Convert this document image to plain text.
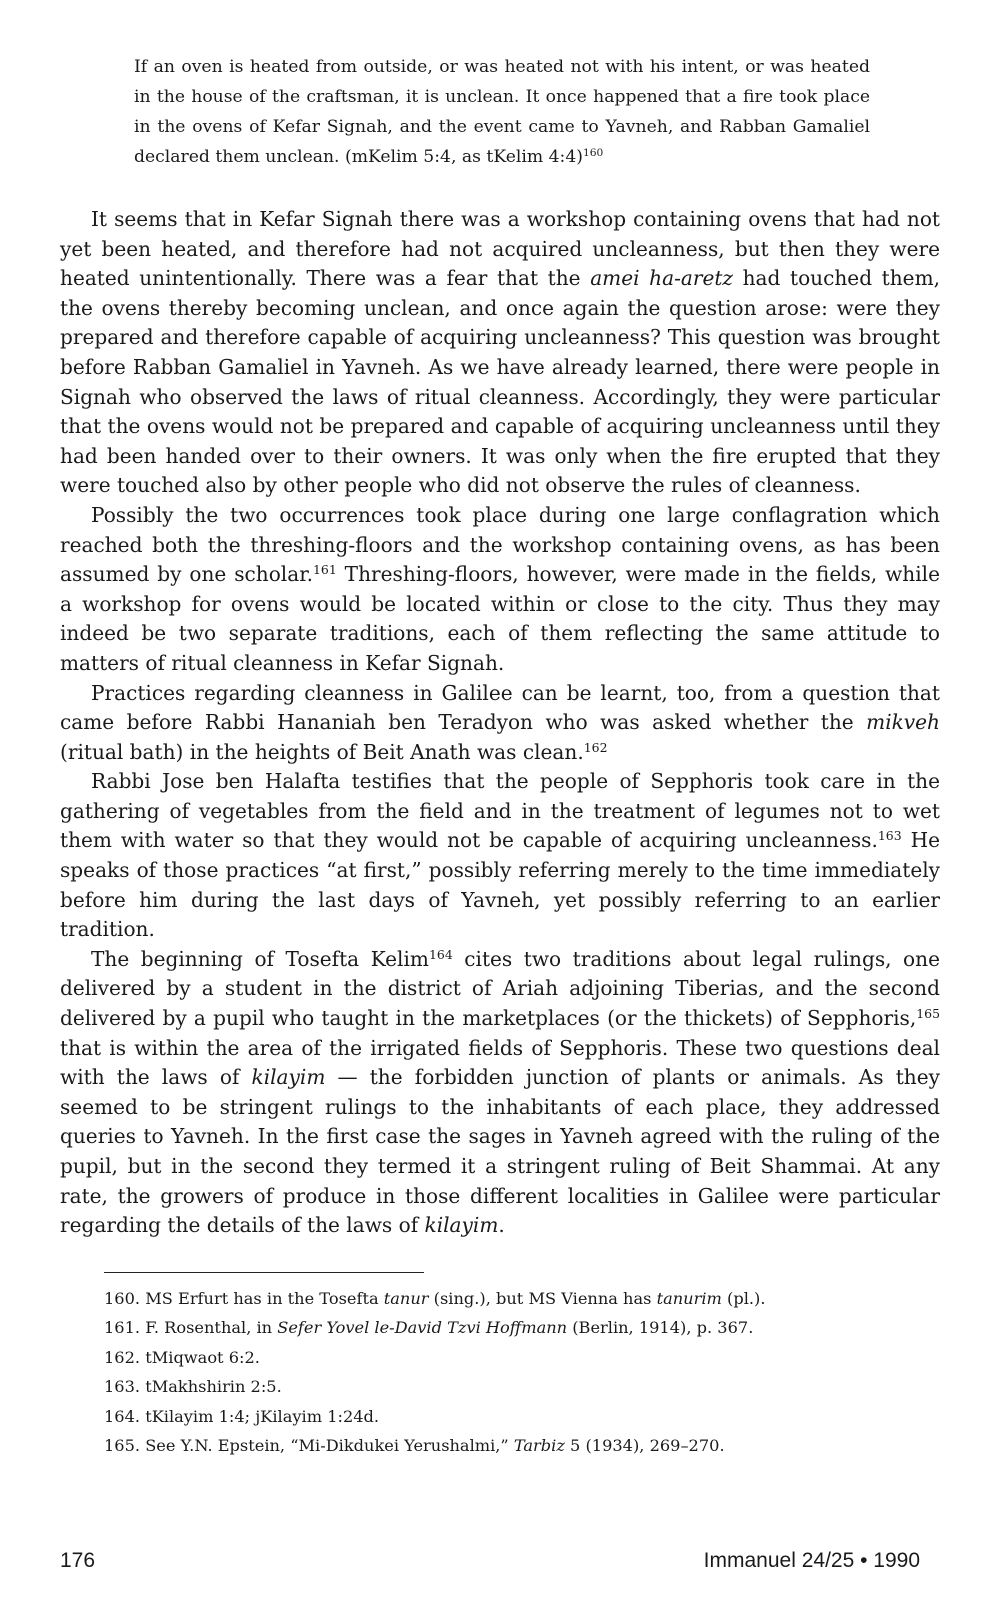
If an oven is heated from outside, or was heated not with his intent, or was heated in the house of the craftsman, it is unclean. It once happened that a fire took place in the ovens of Kefar Signah, and the event came to Yavneh, and Rabban Gamaliel declared them unclean. (mKelim 5:4, as tKelim 4:4)$^{160}$

It seems that in Kefar Signah there was a workshop containing ovens that had not yet been heated, and therefore had not acquired uncleanness, but then they were heated unintentionally. There was a fear that the amei ha-aretz had touched them, the ovens thereby becoming unclean, and once again the question arose: were they prepared and therefore capable of acquiring uncleanness? This question was brought before Rabban Gamaliel in Yavneh. As we have already learned, there were people in Signah who observed the laws of ritual cleanness. Accordingly, they were particular that the ovens would not be prepared and capable of acquiring uncleanness until they had been handed over to their owners. It was only when the fire erupted that they were touched also by other people who did not observe the rules of cleanness.

Possibly the two occurrences took place during one large conflagration which reached both the threshing-floors and the workshop containing ovens, as has been assumed by one scholar.$^{161}$ Threshing-floors, however, were made in the fields, while a workshop for ovens would be located within or close to the city. Thus they may indeed be two separate traditions, each of them reflecting the same attitude to matters of ritual cleanness in Kefar Signah.

Practices regarding cleanness in Galilee can be learnt, too, from a question that came before Rabbi Hananiah ben Teradyon who was asked whether the mikveh (ritual bath) in the heights of Beit Anath was clean.$^{162}$

Rabbi Jose ben Halafta testifies that the people of Sepphoris took care in the gathering of vegetables from the field and in the treatment of legumes not to wet them with water so that they would not be capable of acquiring uncleanness.$^{163}$ He speaks of those practices “at first,” possibly referring merely to the time immediately before him during the last days of Yavneh, yet possibly referring to an earlier tradition.

The beginning of Tosefta Kelim$^{164}$ cites two traditions about legal rulings, one delivered by a student in the district of Ariah adjoining Tiberias, and the second delivered by a pupil who taught in the marketplaces (or the thickets) of Sepphoris,$^{165}$ that is within the area of the irrigated fields of Sepphoris. These two questions deal with the laws of kilayim — the forbidden junction of plants or animals. As they seemed to be stringent rulings to the inhabitants of each place, they addressed queries to Yavneh. In the first case the sages in Yavneh agreed with the ruling of the pupil, but in the second they termed it a stringent ruling of Beit Shammai. At any rate, the growers of produce in those different localities in Galilee were particular regarding the details of the laws of kilayim.

160. MS Erfurt has in the Tosefta tanur (sing.), but MS Vienna has tanurim (pl.).
161. F. Rosenthal, in Sefer Yovel le-David Tzvi Hoffmann (Berlin, 1914), p. 367.
162. tMiqwaot 6:2.
163. tMakhshirin 2:5.
164. tKilayim 1:4; jKilayim 1:24d.
165. See Y.N. Epstein, “Mi-Dikdukei Yerushalmi,” Tarbiz 5 (1934), 269–270.
176	Immanuel 24/25 • 1990
